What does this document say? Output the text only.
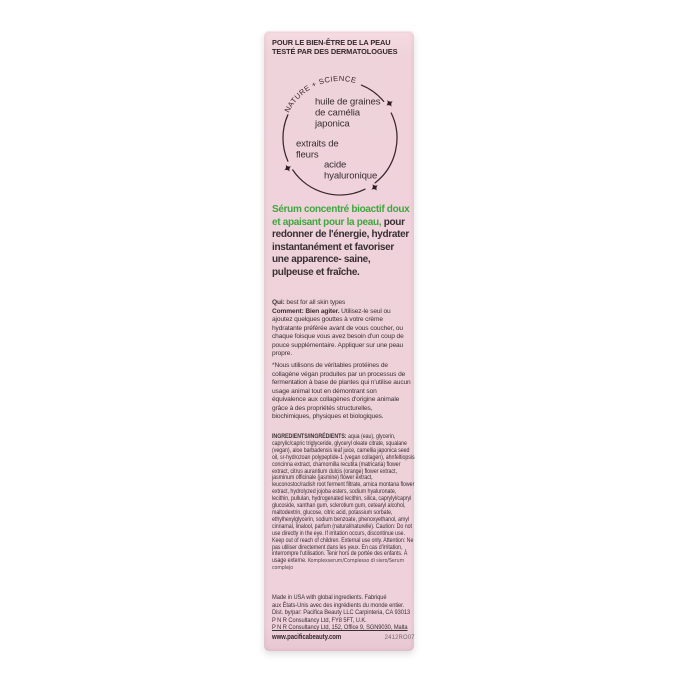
POUR LE BIEN-ÊTRE DE LA PEAU
TESTÉ PAR DES DERMATOLOGUES
✦
✦
✦
NATURE + SCIENCE
huile de graines
de camélia
japonica
extraits de
fleurs
acide
hyaluronique

Sérum concentré bioactif doux et apaisant pour la peau, pour redonner de l'énergie, hydrater instantanément et favoriser une apparence- saine, pulpeuse et fraîche.

Qui: best for all skin types
Comment: Bien agiter. Utilisez-le seul ou ajoutez quelques gouttes à votre crème hydratante préférée avant de vous coucher, ou chaque foisque vous avez besoin d'un coup de pouce supplémentaire. Appliquer sur une peau propre.

*Nous utilisons de véritables protéines de collagène végan produites par un processus de fermentation à base de plantes qui n'utilise aucun usage animal tout en démontrant son équivalence aux collagènes d'origine animale grâce à des propriétés structurelles, biochimiques, physiques et biologiques.

INGREDIENTS/INGRÉDIENTS: aqua (eau), glycerin, caprylic/capric triglyceride, glyceryl oleate citrate, squalane (vegan), aloe barbadensis leaf juice, camellia japonica seed oil, sr-hydrozoan polypeptide-1 (vegan collagen), ahnfeltiopsis concinna extract, chamomilla recutita (matricaria) flower extract, citrus aurantium dulcis (orange) flower extract, jasminum officinale (jasmine) flower extract, leuconostoc/radish root ferment filtrate, arnica montana flower extract, hydrolyzed jojoba esters, sodium hyaluronate, lecithin, pullulan, hydrogenated lecithin, silica, caprylyl/capryl glucoside, xanthan gum, sclerotium gum, cetearyl alcohol, maltodextrin, glucose, citric acid, potassium sorbate, ethylhexylglycerin, sodium benzoate, phenoxyethanol, amyl cinnamal, linalool, parfum (natural/naturelle). Caution: Do not use directly in the eye. If irritation occurs, discontinue use. Keep out of reach of children. External use only. Attention: Ne pas utiliser directement dans les yeux. En cas d'irritation, interrompre l'utilisation. Tenir hors de portée des enfants. À usage externe. Komplexserum/Complesso di siero/Serum complejo

Made in USA with global ingredients. Fabriqué
aux États-Unis avec des ingrédients du monde entier.
Dist. by/par: Pacifica Beauty LLC Carpinteria, CA 93013
P N R Consultancy Ltd, FY8 5FT, U.K.
P N R Consultancy Ltd, 152, Office 9, SGN9030, Malta
www.pacificabeauty.com	2412RO07
